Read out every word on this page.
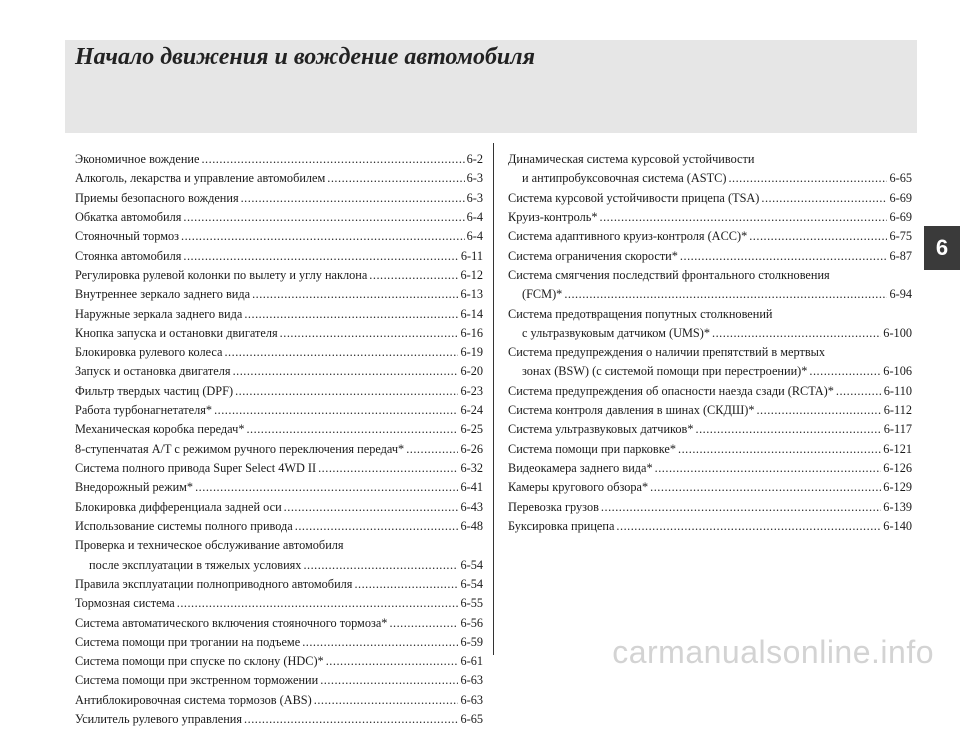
Начало движения и вождение автомобиля
6
Экономичное вождение .....	6-2
Алкоголь, лекарства и управление автомобилем .....	6-3
Приемы безопасного вождения .....	6-3
Обкатка автомобиля .....	6-4
Стояночный тормоз .....	6-4
Стоянка автомобиля .....	6-11
Регулировка рулевой колонки по вылету и углу наклона .....	6-12
Внутреннее зеркало заднего вида .....	6-13
Наружные зеркала заднего вида .....	6-14
Кнопка запуска и остановки двигателя .....	6-16
Блокировка рулевого колеса .....	6-19
Запуск и остановка двигателя .....	6-20
Фильтр твердых частиц (DPF) .....	6-23
Работа турбонагнетателя* .....	6-24
Механическая коробка передач* .....	6-25
8-ступенчатая A/T с режимом ручного переключения передач* .....	6-26
Система полного привода Super Select 4WD II .....	6-32
Внедорожный режим* .....	6-41
Блокировка дифференциала задней оси .....	6-43
Использование системы полного привода .....	6-48
Проверка и техническое обслуживание автомобиля
после эксплуатации в тяжелых условиях .....	6-54
Правила эксплуатации полноприводного автомобиля .....	6-54
Тормозная система .....	6-55
Система автоматического включения стояночного тормоза* .....	6-56
Система помощи при трогании на подъеме .....	6-59
Система помощи при спуске по склону (HDC)* .....	6-61
Система помощи при экстренном торможении .....	6-63
Антиблокировочная система тормозов (ABS) .....	6-63
Усилитель рулевого управления .....	6-65
Динамическая система курсовой устойчивости
и антипробуксовочная система (ASTC) .....	6-65
Система курсовой устойчивости прицепа (TSA) .....	6-69
Круиз-контроль* .....	6-69
Система адаптивного круиз-контроля (ACC)* .....	6-75
Система ограничения скорости* .....	6-87
Система смягчения последствий фронтального столкновения
(FCM)* .....	6-94
Система предотвращения попутных столкновений
с ультразвуковым датчиком (UMS)* .....	6-100
Система предупреждения о наличии препятствий в мертвых
зонах (BSW) (с системой помощи при перестроении)* .....	6-106
Система предупреждения об опасности наезда сзади (RCTA)* .....	6-110
Система контроля давления в шинах (СКДШ)* .....	6-112
Система ультразвуковых датчиков* .....	6-117
Система помощи при парковке* .....	6-121
Видеокамера заднего вида* .....	6-126
Камеры кругового обзора* .....	6-129
Перевозка грузов .....	6-139
Буксировка прицепа .....	6-140
carmanualsonline.info
